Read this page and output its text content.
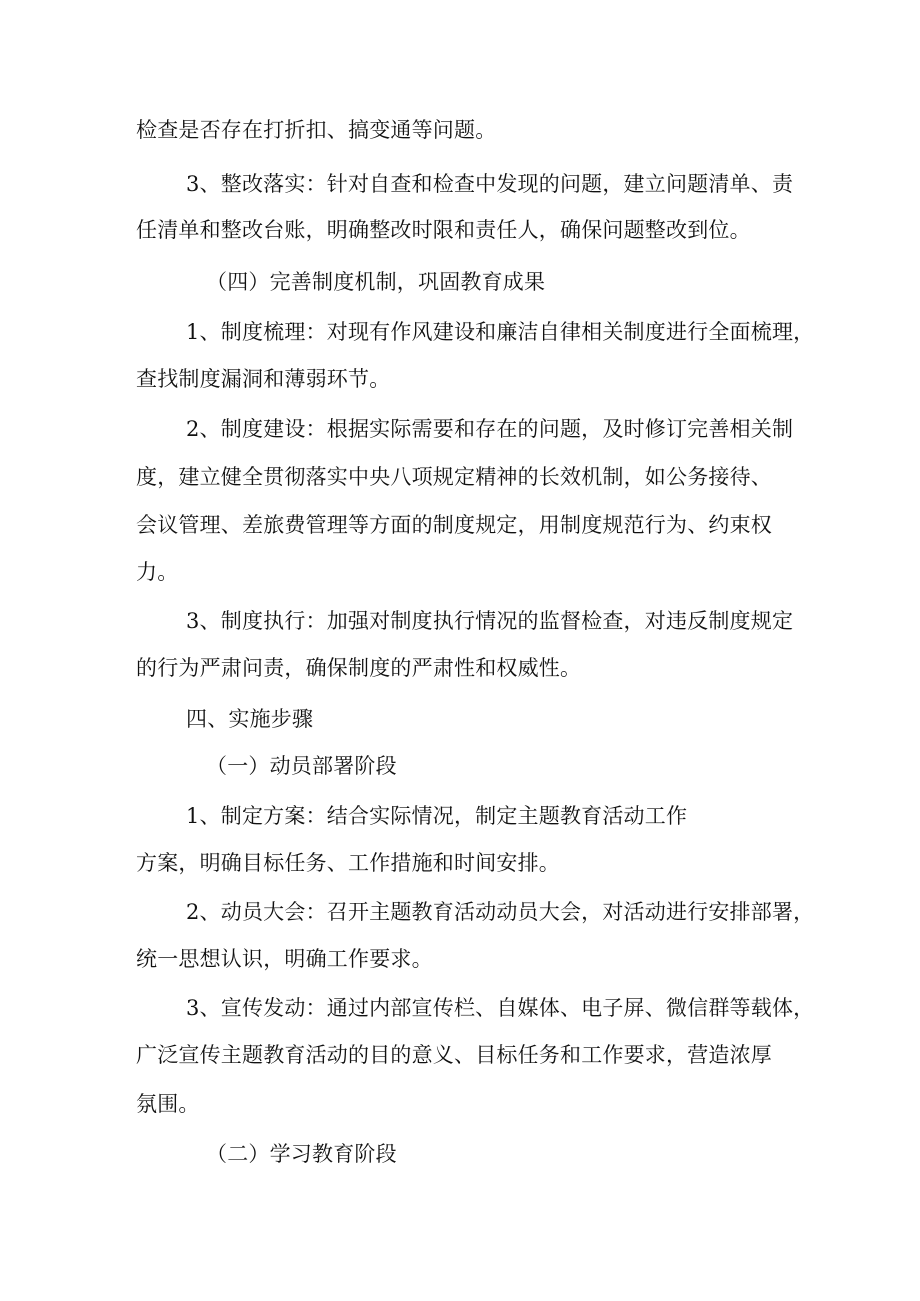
检查是否存在打折扣、搞变通等问题。
3、整改落实：针对自查和检查中发现的问题，建立问题清单、责
任清单和整改台账，明确整改时限和责任人，确保问题整改到位。
（四）完善制度机制，巩固教育成果
1、制度梳理：对现有作风建设和廉洁自律相关制度进行全面梳理，
查找制度漏洞和薄弱环节。
2、制度建设：根据实际需要和存在的问题，及时修订完善相关制
度，建立健全贯彻落实中央八项规定精神的长效机制，如公务接待、
会议管理、差旅费管理等方面的制度规定，用制度规范行为、约束权
力。
3、制度执行：加强对制度执行情况的监督检查，对违反制度规定
的行为严肃问责，确保制度的严肃性和权威性。
四、实施步骤
（一）动员部署阶段
1、制定方案：结合实际情况，制定主题教育活动工作
方案，明确目标任务、工作措施和时间安排。
2、动员大会：召开主题教育活动动员大会，对活动进行安排部署，
统一思想认识，明确工作要求。
3、宣传发动：通过内部宣传栏、自媒体、电子屏、微信群等载体，
广泛宣传主题教育活动的目的意义、目标任务和工作要求，营造浓厚
氛围。
（二）学习教育阶段
